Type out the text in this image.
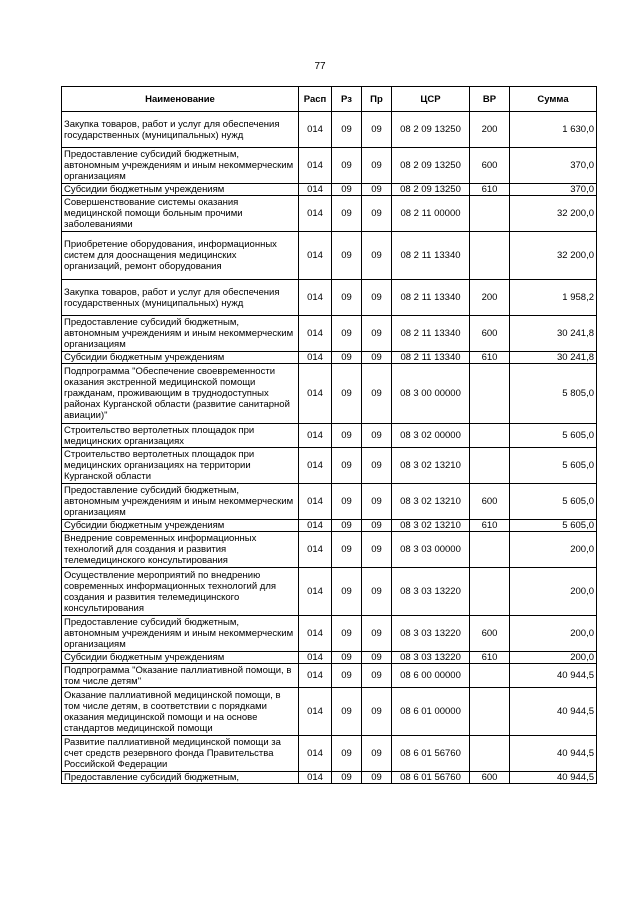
77
Наименование	Расп	Рз	Пр	ЦСР	ВР	Сумма
Закупка товаров, работ и услуг для обеспечения государственных (муниципальных) нужд	014	09	09	08 2 09 13250	200	1 630,0
Предоставление субсидий бюджетным, автономным учреждениям и иным некоммерческим организациям	014	09	09	08 2 09 13250	600	370,0
Субсидии бюджетным учреждениям	014	09	09	08 2 09 13250	610	370,0
Совершенствование системы оказания медицинской помощи больным прочими заболеваниями	014	09	09	08 2 11 00000		32 200,0
Приобретение оборудования, информационных систем для дооснащения медицинских организаций, ремонт оборудования	014	09	09	08 2 11 13340		32 200,0
Закупка товаров, работ и услуг для обеспечения государственных (муниципальных) нужд	014	09	09	08 2 11 13340	200	1 958,2
Предоставление субсидий бюджетным, автономным учреждениям и иным некоммерческим организациям	014	09	09	08 2 11 13340	600	30 241,8
Субсидии бюджетным учреждениям	014	09	09	08 2 11 13340	610	30 241,8
Подпрограмма "Обеспечение своевременности оказания экстренной медицинской помощи гражданам, проживающим в труднодоступных районах Курганской области (развитие санитарной авиации)"	014	09	09	08 3 00 00000		5 805,0
Строительство вертолетных площадок при медицинских организациях	014	09	09	08 3 02 00000		5 605,0
Строительство вертолетных площадок при медицинских организациях на территории Курганской области	014	09	09	08 3 02 13210		5 605,0
Предоставление субсидий бюджетным, автономным учреждениям и иным некоммерческим организациям	014	09	09	08 3 02 13210	600	5 605,0
Субсидии бюджетным учреждениям	014	09	09	08 3 02 13210	610	5 605,0
Внедрение современных информационных технологий для создания и развития телемедицинского консультирования	014	09	09	08 3 03 00000		200,0
Осуществление мероприятий по внедрению современных информационных технологий для создания и развития телемедицинского консультирования	014	09	09	08 3 03 13220		200,0
Предоставление субсидий бюджетным, автономным учреждениям и иным некоммерческим организациям	014	09	09	08 3 03 13220	600	200,0
Субсидии бюджетным учреждениям	014	09	09	08 3 03 13220	610	200,0
Подпрограмма "Оказание паллиативной помощи, в том числе детям"	014	09	09	08 6 00 00000		40 944,5
Оказание паллиативной медицинской помощи, в том числе детям, в соответствии с порядками оказания медицинской помощи и на основе стандартов медицинской помощи	014	09	09	08 6 01 00000		40 944,5
Развитие паллиативной медицинской помощи за счет средств резервного фонда Правительства Российской Федерации	014	09	09	08 6 01 56760		40 944,5
Предоставление субсидий бюджетным,	014	09	09	08 6 01 56760	600	40 944,5
